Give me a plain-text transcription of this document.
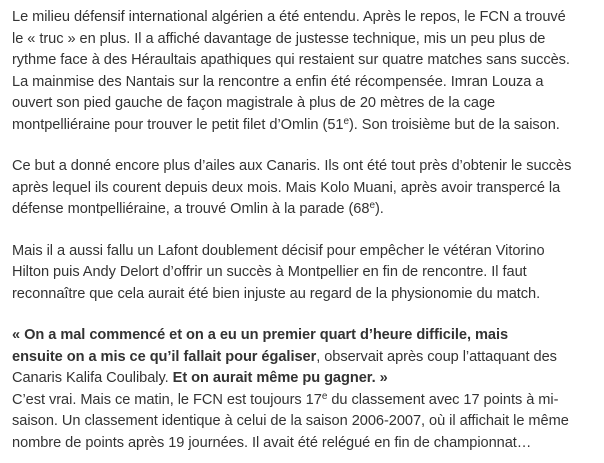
Le milieu défensif international algérien a été entendu. Après le repos, le FCN a trouvé
le « truc » en plus. Il a affiché davantage de justesse technique, mis un peu plus de
rythme face à des Héraultais apathiques qui restaient sur quatre matches sans succès.
La mainmise des Nantais sur la rencontre a enfin été récompensée. Imran Louza a
ouvert son pied gauche de façon magistrale à plus de 20 mètres de la cage
montpelliéraine pour trouver le petit filet d’Omlin (51e). Son troisième but de la saison.

Ce but a donné encore plus d’ailes aux Canaris. Ils ont été tout près d’obtenir le succès
après lequel ils courent depuis deux mois. Mais Kolo Muani, après avoir transpercé la
défense montpelliéraine, a trouvé Omlin à la parade (68e).

Mais il a aussi fallu un Lafont doublement décisif pour empêcher le vétéran Vitorino
Hilton puis Andy Delort d’offrir un succès à Montpellier en fin de rencontre. Il faut
reconnaître que cela aurait été bien injuste au regard de la physionomie du match.

« On a mal commencé et on a eu un premier quart d’heure difficile, mais
ensuite on a mis ce qu’il fallait pour égaliser, observait après coup l’attaquant des
Canaris Kalifa Coulibaly. Et on aurait même pu gagner. »
C’est vrai. Mais ce matin, le FCN est toujours 17e du classement avec 17 points à mi-
saison. Un classement identique à celui de la saison 2006-2007, où il affichait le même
nombre de points après 19 journées. Il avait été relégué en fin de championnat…
